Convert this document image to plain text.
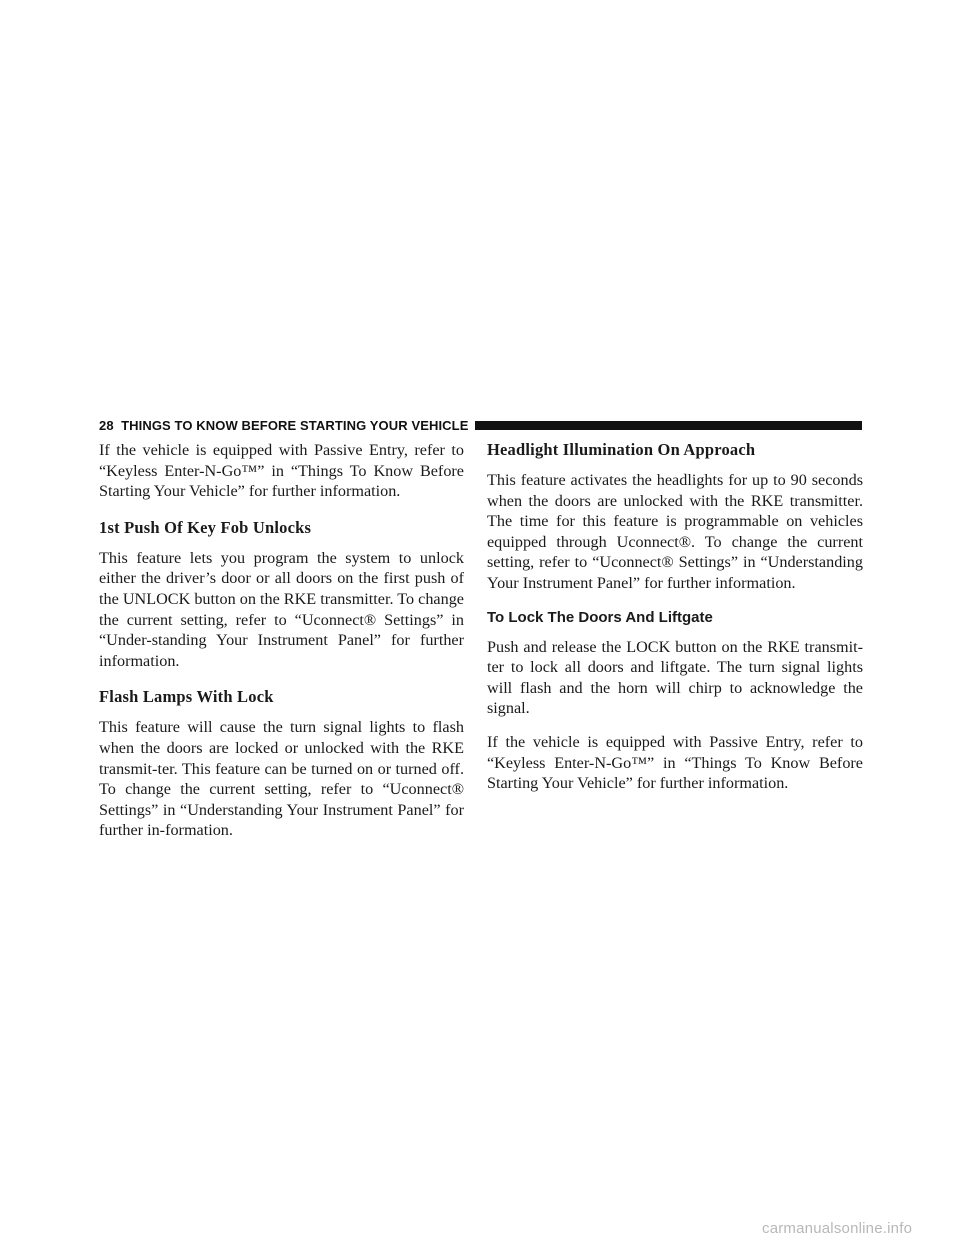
28 THINGS TO KNOW BEFORE STARTING YOUR VEHICLE

If the vehicle is equipped with Passive Entry, refer to “Keyless Enter-N-Go™” in “Things To Know Before Starting Your Vehicle” for further information.

1st Push Of Key Fob Unlocks

This feature lets you program the system to unlock either the driver’s door or all doors on the first push of the UNLOCK button on the RKE transmitter. To change the current setting, refer to “Uconnect® Settings” in “Under-standing Your Instrument Panel” for further information.

Flash Lamps With Lock

This feature will cause the turn signal lights to flash when the doors are locked or unlocked with the RKE transmit-ter. This feature can be turned on or turned off. To change the current setting, refer to “Uconnect® Settings” in “Understanding Your Instrument Panel” for further in-formation.

Headlight Illumination On Approach

This feature activates the headlights for up to 90 seconds when the doors are unlocked with the RKE transmitter. The time for this feature is programmable on vehicles equipped through Uconnect®. To change the current setting, refer to “Uconnect® Settings” in “Understanding Your Instrument Panel” for further information.

To Lock The Doors And Liftgate

Push and release the LOCK button on the RKE transmit-ter to lock all doors and liftgate. The turn signal lights will flash and the horn will chirp to acknowledge the signal.

If the vehicle is equipped with Passive Entry, refer to “Keyless Enter-N-Go™” in “Things To Know Before Starting Your Vehicle” for further information.

carmanualsonline.info
